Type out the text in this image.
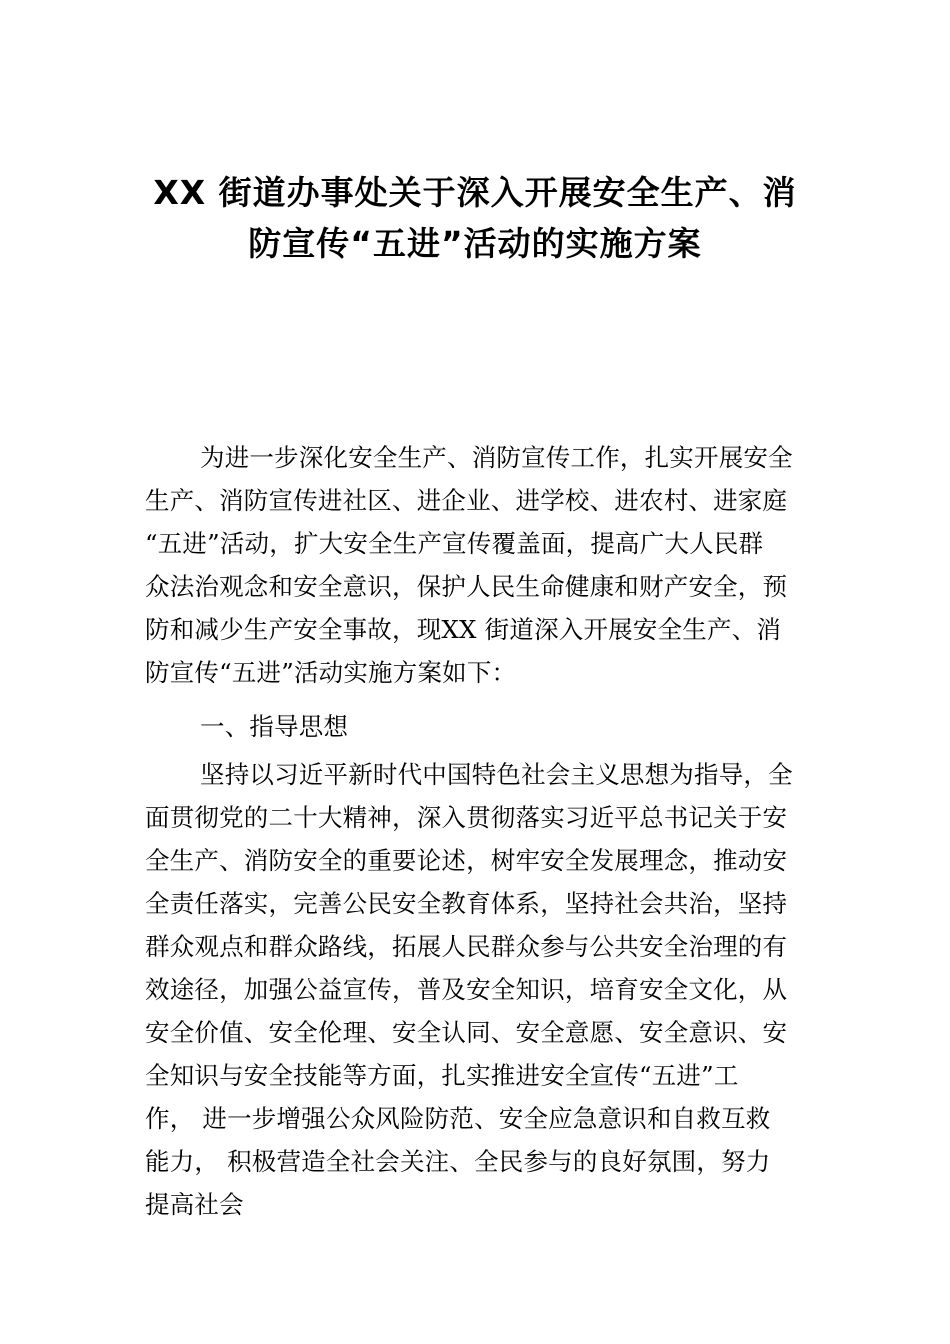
XX 街道办事处关于深入开展安全生产、消
防宣传“五进”活动的实施方案
为进一步深化安全生产、消防宣传工作，扎实开展安全
生产、消防宣传进社区、进企业、进学校、进农村、进家庭
“五进”活动，扩大安全生产宣传覆盖面，提高广大人民群
众法治观念和安全意识，保护人民生命健康和财产安全，预
防和减少生产安全事故，现XX 街道深入开展安全生产、消
防宣传“五进”活动实施方案如下：
一、指导思想
坚持以习近平新时代中国特色社会主义思想为指导，全
面贯彻党的二十大精神，深入贯彻落实习近平总书记关于安
全生产、消防安全的重要论述，树牢安全发展理念，推动安
全责任落实，完善公民安全教育体系，坚持社会共治，坚持
群众观点和群众路线，拓展人民群众参与公共安全治理的有
效途径，加强公益宣传，普及安全知识，培育安全文化，从
安全价值、安全伦理、安全认同、安全意愿、安全意识、安
全知识与安全技能等方面，扎实推进安全宣传“五进”工
作， 进一步增强公众风险防范、安全应急意识和自救互救
能力， 积极营造全社会关注、全民参与的良好氛围，努力
提高社会
